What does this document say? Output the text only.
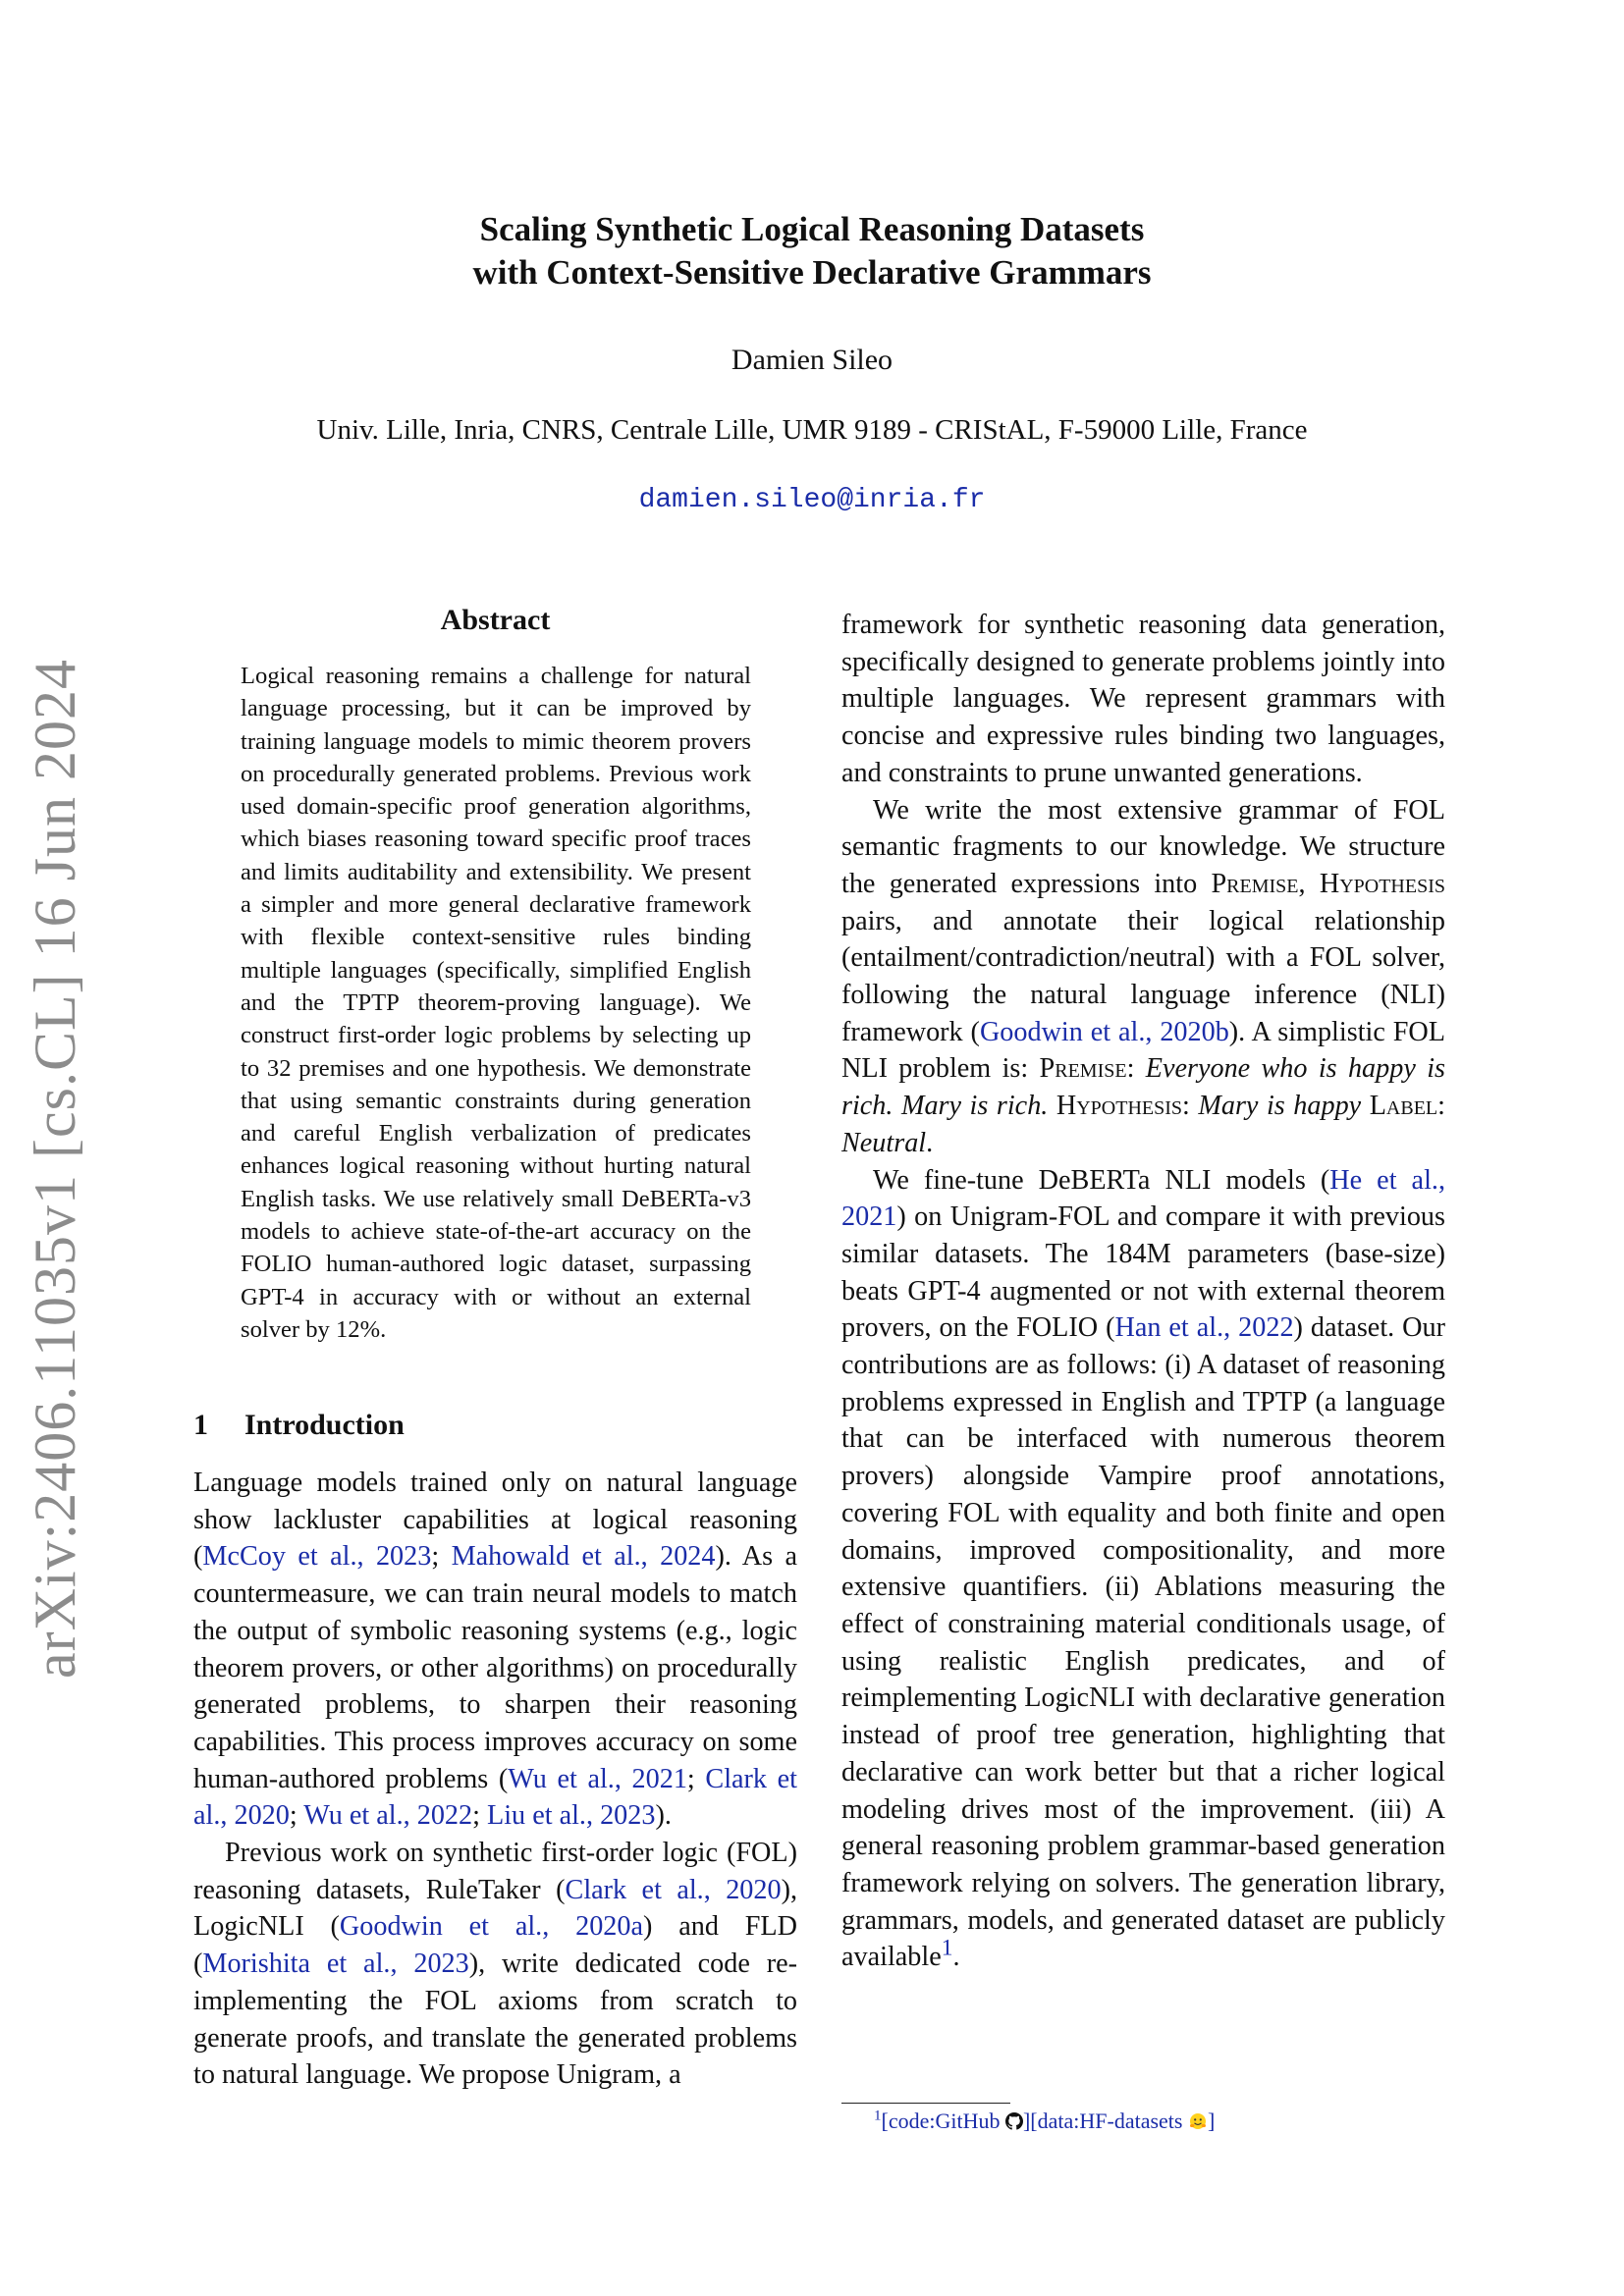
arXiv:2406.11035v1 [cs.CL] 16 Jun 2024
Scaling Synthetic Logical Reasoning Datasets
with Context-Sensitive Declarative Grammars
Damien Sileo
Univ. Lille, Inria, CNRS, Centrale Lille, UMR 9189 - CRIStAL, F-59000 Lille, France
damien.sileo@inria.fr
Abstract
Logical reasoning remains a challenge for natural language processing, but it can be improved by training language models to mimic theorem provers on procedurally generated problems. Previous work used domain-specific proof generation algorithms, which biases reasoning toward specific proof traces and limits auditability and extensibility. We present a simpler and more general declarative framework with flexible context-sensitive rules binding multiple languages (specifically, simplified English and the TPTP theorem-proving language). We construct first-order logic problems by selecting up to 32 premises and one hypothesis. We demonstrate that using semantic constraints during generation and careful English verbalization of predicates enhances logical reasoning without hurting natural English tasks. We use relatively small DeBERTa-v3 models to achieve state-of-the-art accuracy on the FOLIO human-authored logic dataset, surpassing GPT-4 in accuracy with or without an external solver by 12%.
1 Introduction

Language models trained only on natural language show lackluster capabilities at logical reasoning (McCoy et al., 2023; Mahowald et al., 2024). As a countermeasure, we can train neural models to match the output of symbolic reasoning systems (e.g., logic theorem provers, or other algorithms) on procedurally generated problems, to sharpen their reasoning capabilities. This process improves accuracy on some human-authored problems (Wu et al., 2021; Clark et al., 2020; Wu et al., 2022; Liu et al., 2023).

Previous work on synthetic first-order logic (FOL) reasoning datasets, RuleTaker (Clark et al., 2020), LogicNLI (Goodwin et al., 2020a) and FLD (Morishita et al., 2023), write dedicated code re-implementing the FOL axioms from scratch to generate proofs, and translate the generated problems to natural language. We propose Unigram, a

framework for synthetic reasoning data generation, specifically designed to generate problems jointly into multiple languages. We represent grammars with concise and expressive rules binding two languages, and constraints to prune unwanted generations.

We write the most extensive grammar of FOL semantic fragments to our knowledge. We structure the generated expressions into Premise, Hypothesis pairs, and annotate their logical relationship (entailment/contradiction/neutral) with a FOL solver, following the natural language inference (NLI) framework (Goodwin et al., 2020b). A simplistic FOL NLI problem is: Premise: Everyone who is happy is rich. Mary is rich. Hypothesis: Mary is happy Label: Neutral.

We fine-tune DeBERTa NLI models (He et al., 2021) on Unigram-FOL and compare it with previous similar datasets. The 184M parameters (base-size) beats GPT-4 augmented or not with external theorem provers, on the FOLIO (Han et al., 2022) dataset. Our contributions are as follows: (i) A dataset of reasoning problems expressed in English and TPTP (a language that can be interfaced with numerous theorem provers) alongside Vampire proof annotations, covering FOL with equality and both finite and open domains, improved compositionality, and more extensive quantifiers. (ii) Ablations measuring the effect of constraining material conditionals usage, of using realistic English predicates, and of reimplementing LogicNLI with declarative generation instead of proof tree generation, highlighting that declarative can work better but that a richer logical modeling drives most of the improvement. (iii) A general reasoning problem grammar-based generation framework relying on solvers. The generation library, grammars, models, and generated dataset are publicly available$^1$.

$^1$[code:GitHub ][data:HF-datasets ]
